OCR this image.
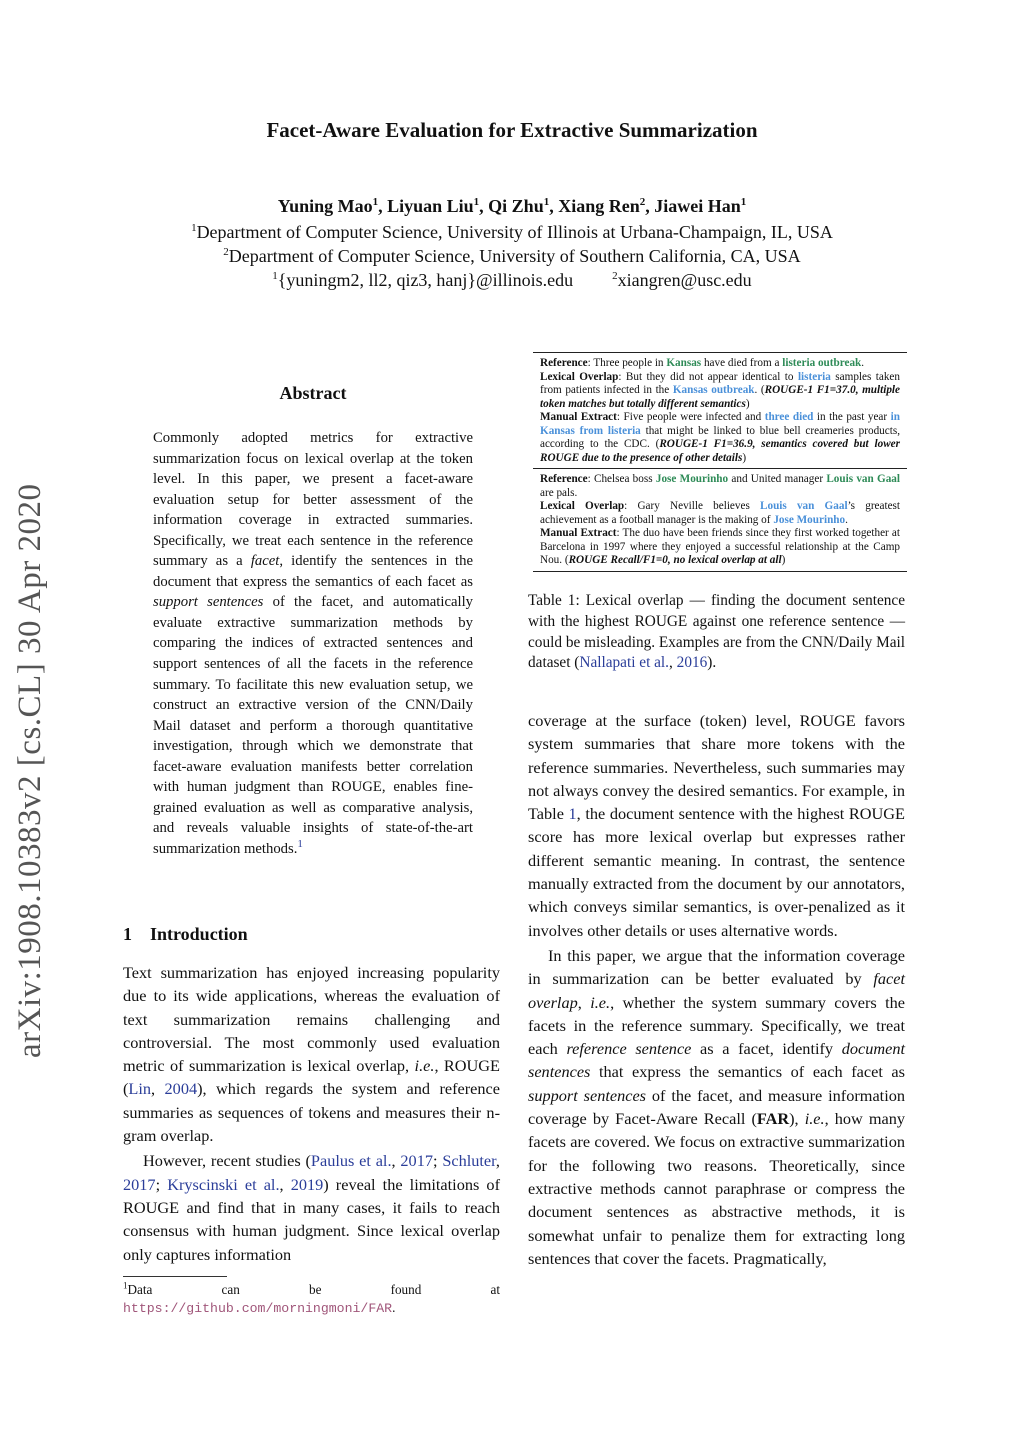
Facet-Aware Evaluation for Extractive Summarization
Yuning Mao$^1$, Liyuan Liu$^1$, Qi Zhu$^1$, Xiang Ren$^2$, Jiawei Han$^1$
$^1$Department of Computer Science, University of Illinois at Urbana-Champaign, IL, USA
$^2$Department of Computer Science, University of Southern California, CA, USA
$^1${yuningm2, ll2, qiz3, hanj}@illinois.edu	$^2$xiangren@usc.edu
arXiv:1908.10383v2 [cs.CL] 30 Apr 2020
Abstract
Commonly adopted metrics for extractive summarization focus on lexical overlap at the token level. In this paper, we present a facet-aware evaluation setup for better assessment of the information coverage in extracted summaries. Specifically, we treat each sentence in the reference summary as a facet, identify the sentences in the document that express the semantics of each facet as support sentences of the facet, and automatically evaluate extractive summarization methods by comparing the indices of extracted sentences and support sentences of all the facets in the reference summary. To facilitate this new evaluation setup, we construct an extractive version of the CNN/Daily Mail dataset and perform a thorough quantitative investigation, through which we demonstrate that facet-aware evaluation manifests better correlation with human judgment than ROUGE, enables fine-grained evaluation as well as comparative analysis, and reveals valuable insights of state-of-the-art summarization methods.$^1$
1 Introduction

Text summarization has enjoyed increasing popularity due to its wide applications, whereas the evaluation of text summarization remains challenging and controversial. The most commonly used evaluation metric of summarization is lexical overlap, i.e., ROUGE (Lin, 2004), which regards the system and reference summaries as sequences of tokens and measures their n-gram overlap.

However, recent studies (Paulus et al., 2017; Schluter, 2017; Kryscinski et al., 2019) reveal the limitations of ROUGE and find that in many cases, it fails to reach consensus with human judgment. Since lexical overlap only captures information

$^1$Data can be found at https://github.com/morningmoni/FAR.
Reference: Three people in Kansas have died from a listeria outbreak.
Lexical Overlap: But they did not appear identical to listeria samples taken from patients infected in the Kansas outbreak. (ROUGE-1 F1=37.0, multiple token matches but totally different semantics)
Manual Extract: Five people were infected and three died in the past year in Kansas from listeria that might be linked to blue bell creameries products, according to the CDC. (ROUGE-1 F1=36.9, semantics covered but lower ROUGE due to the presence of other details)
Reference: Chelsea boss Jose Mourinho and United manager Louis van Gaal are pals.
Lexical Overlap: Gary Neville believes Louis van Gaal’s greatest achievement as a football manager is the making of Jose Mourinho.
Manual Extract: The duo have been friends since they first worked together at Barcelona in 1997 where they enjoyed a successful relationship at the Camp Nou. (ROUGE Recall/F1=0, no lexical overlap at all)
Table 1: Lexical overlap — finding the document sentence with the highest ROUGE against one reference sentence — could be misleading. Examples are from the CNN/Daily Mail dataset (Nallapati et al., 2016).

coverage at the surface (token) level, ROUGE favors system summaries that share more tokens with the reference summaries. Nevertheless, such summaries may not always convey the desired semantics. For example, in Table 1, the document sentence with the highest ROUGE score has more lexical overlap but expresses rather different semantic meaning. In contrast, the sentence manually extracted from the document by our annotators, which conveys similar semantics, is over-penalized as it involves other details or uses alternative words.

In this paper, we argue that the information coverage in summarization can be better evaluated by facet overlap, i.e., whether the system summary covers the facets in the reference summary. Specifically, we treat each reference sentence as a facet, identify document sentences that express the semantics of each facet as support sentences of the facet, and measure information coverage by Facet-Aware Recall (FAR), i.e., how many facets are covered. We focus on extractive summarization for the following two reasons. Theoretically, since extractive methods cannot paraphrase or compress the document sentences as abstractive methods, it is somewhat unfair to penalize them for extracting long sentences that cover the facets. Pragmatically,
